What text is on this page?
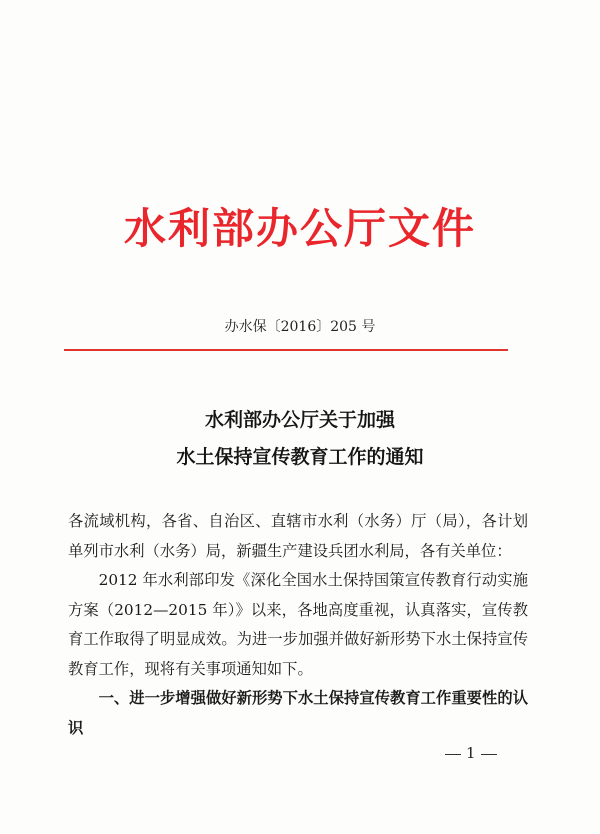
水利部办公厅文件
办水保〔2016〕205 号
水利部办公厅关于加强
水土保持宣传教育工作的通知

各流域机构，各省、自治区、直辖市水利（水务）厅（局），各计划单列市水利（水务）局，新疆生产建设兵团水利局，各有关单位：

2012 年水利部印发《深化全国水土保持国策宣传教育行动实施方案（2012—2015 年）》以来，各地高度重视，认真落实，宣传教育工作取得了明显成效。为进一步加强并做好新形势下水土保持宣传教育工作，现将有关事项通知如下。

一、进一步增强做好新形势下水土保持宣传教育工作重要性的认识

1
